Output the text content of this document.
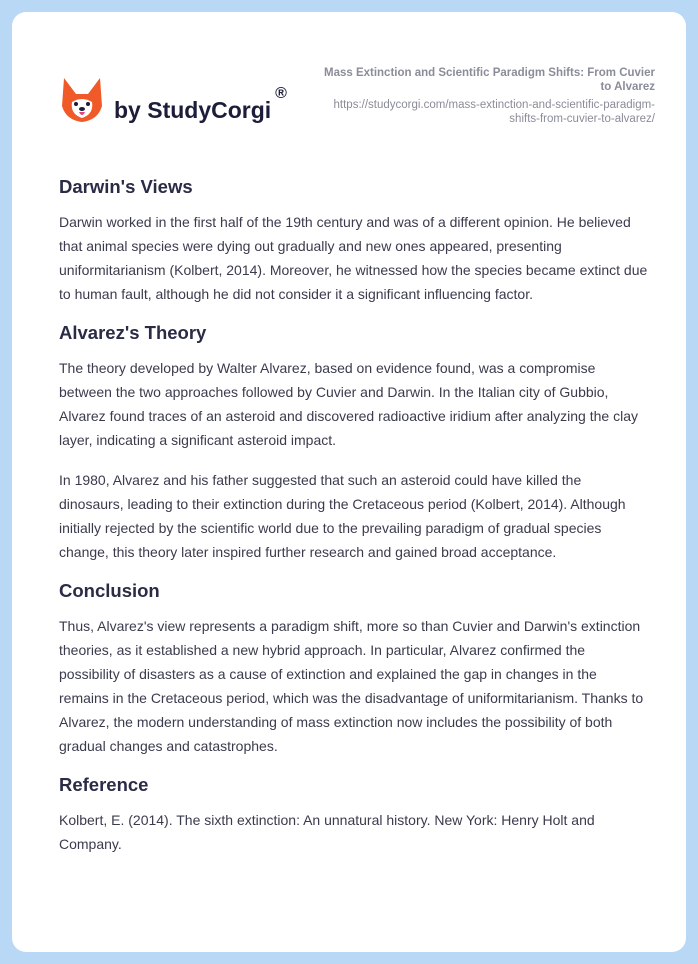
by StudyCorgi®
Mass Extinction and Scientific Paradigm Shifts: From Cuvier to Alvarez
https://studycorgi.com/mass-extinction-and-scientific-paradigm-shifts-from-cuvier-to-alvarez/
Darwin's Views

Darwin worked in the first half of the 19th century and was of a different opinion. He believed that animal species were dying out gradually and new ones appeared, presenting uniformitarianism (Kolbert, 2014). Moreover, he witnessed how the species became extinct due to human fault, although he did not consider it a significant influencing factor.

Alvarez's Theory

The theory developed by Walter Alvarez, based on evidence found, was a compromise between the two approaches followed by Cuvier and Darwin. In the Italian city of Gubbio, Alvarez found traces of an asteroid and discovered radioactive iridium after analyzing the clay layer, indicating a significant asteroid impact.

In 1980, Alvarez and his father suggested that such an asteroid could have killed the dinosaurs, leading to their extinction during the Cretaceous period (Kolbert, 2014). Although initially rejected by the scientific world due to the prevailing paradigm of gradual species change, this theory later inspired further research and gained broad acceptance.

Conclusion

Thus, Alvarez's view represents a paradigm shift, more so than Cuvier and Darwin's extinction theories, as it established a new hybrid approach. In particular, Alvarez confirmed the possibility of disasters as a cause of extinction and explained the gap in changes in the remains in the Cretaceous period, which was the disadvantage of uniformitarianism. Thanks to Alvarez, the modern understanding of mass extinction now includes the possibility of both gradual changes and catastrophes.

Reference

Kolbert, E. (2014). The sixth extinction: An unnatural history. New York: Henry Holt and Company.
